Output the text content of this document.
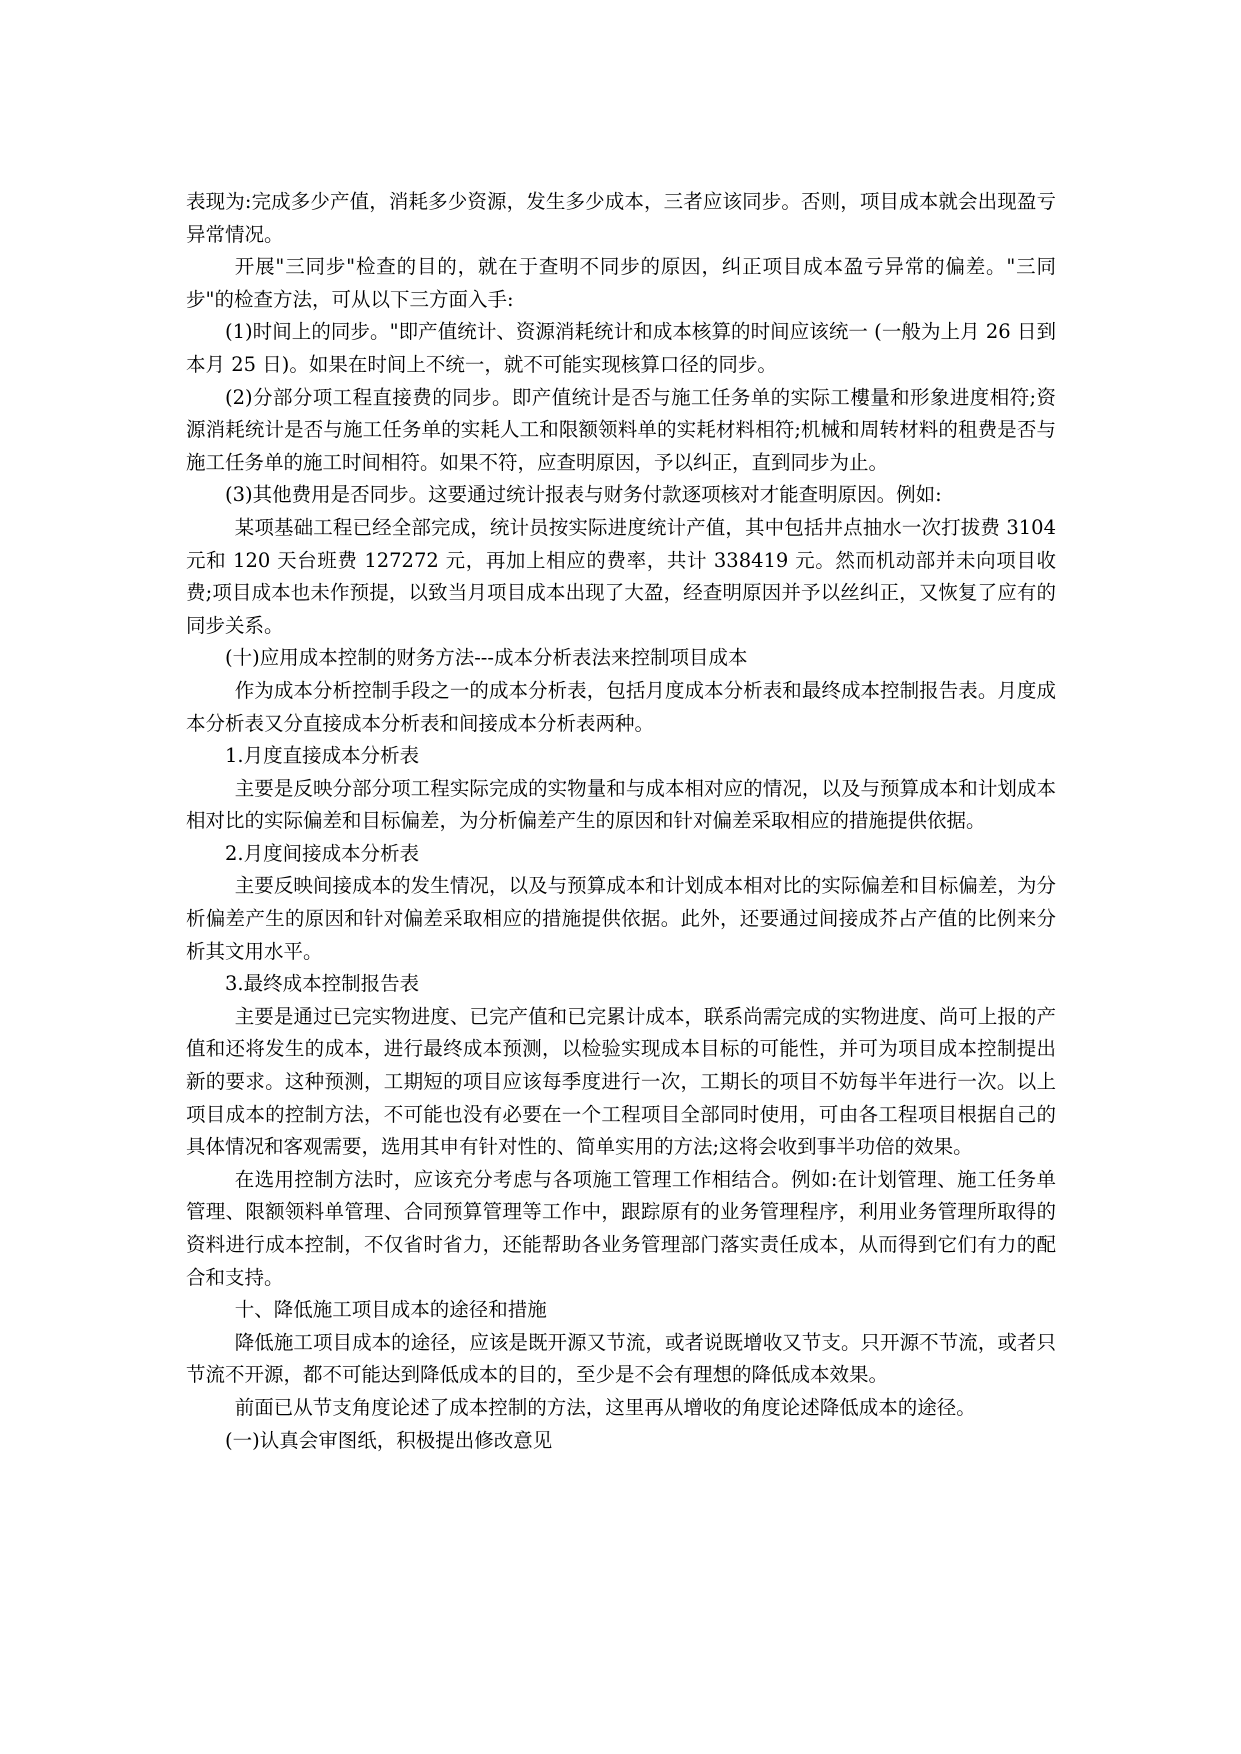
表现为:完成多少产值，消耗多少资源，发生多少成本，三者应该同步。否则，项目成本就会出现盈亏异常情况。

开展"三同步"检查的目的，就在于查明不同步的原因，纠正项目成本盈亏异常的偏差。"三同步"的检查方法，可从以下三方面入手:

(1)时间上的同步。"即产值统计、资源消耗统计和成本核算的时间应该统一 (一般为上月 26 日到本月 25 日)。如果在时间上不统一，就不可能实现核算口径的同步。

(2)分部分项工程直接费的同步。即产值统计是否与施工任务单的实际工樓量和形象进度相符;资源消耗统计是否与施工任务单的实耗人工和限额领料单的实耗材料相符;机械和周转材料的租费是否与施工任务单的施工时间相符。如果不符，应查明原因，予以纠正，直到同步为止。

(3)其他费用是否同步。这要通过统计报表与财务付款逐项核对才能查明原因。例如:

某项基础工程已经全部完成，统计员按实际进度统计产值，其中包括井点抽水一次打拔费 3104 元和 120 天台班费 127272 元，再加上相应的费率，共计 338419 元。然而机动部并未向项目收费;项目成本也未作预提，以致当月项目成本出现了大盈，经查明原因并予以丝纠正，又恢复了应有的同步关系。

(十)应用成本控制的财务方法---成本分析表法来控制项目成本

作为成本分析控制手段之一的成本分析表，包括月度成本分析表和最终成本控制报告表。月度成本分析表又分直接成本分析表和间接成本分析表两种。

1.月度直接成本分析表

主要是反映分部分项工程实际完成的实物量和与成本相对应的情况，以及与预算成本和计划成本相对比的实际偏差和目标偏差，为分析偏差产生的原因和针对偏差采取相应的措施提供依据。

2.月度间接成本分析表

主要反映间接成本的发生情况，以及与预算成本和计划成本相对比的实际偏差和目标偏差，为分析偏差产生的原因和针对偏差采取相应的措施提供依据。此外，还要通过间接成芥占产值的比例来分析其文用水平。

3.最终成本控制报告表

主要是通过已完实物进度、已完产值和已完累计成本，联系尚需完成的实物进度、尚可上报的产值和还将发生的成本，进行最终成本预测，以检验实现成本目标的可能性，并可为项目成本控制提出新的要求。这种预测，工期短的项目应该每季度进行一次，工期长的项目不妨每半年进行一次。以上项目成本的控制方法，不可能也没有必要在一个工程项目全部同时使用，可由各工程项目根据自己的具体情况和客观需要，选用其申有针对性的、简单实用的方法;这将会收到事半功倍的效果。

在选用控制方法时，应该充分考虑与各项施工管理工作相结合。例如:在计划管理、施工任务单管理、限额领料单管理、合同预算管理等工作中，跟踪原有的业务管理程序，利用业务管理所取得的资料进行成本控制，不仅省时省力，还能帮助各业务管理部门落实责任成本，从而得到它们有力的配合和支持。

十、降低施工项目成本的途径和措施

降低施工项目成本的途径，应该是既开源又节流，或者说既增收又节支。只开源不节流，或者只节流不开源，都不可能达到降低成本的目的，至少是不会有理想的降低成本效果。

前面已从节支角度论述了成本控制的方法，这里再从增收的角度论述降低成本的途径。

(一)认真会审图纸，积极提出修改意见
